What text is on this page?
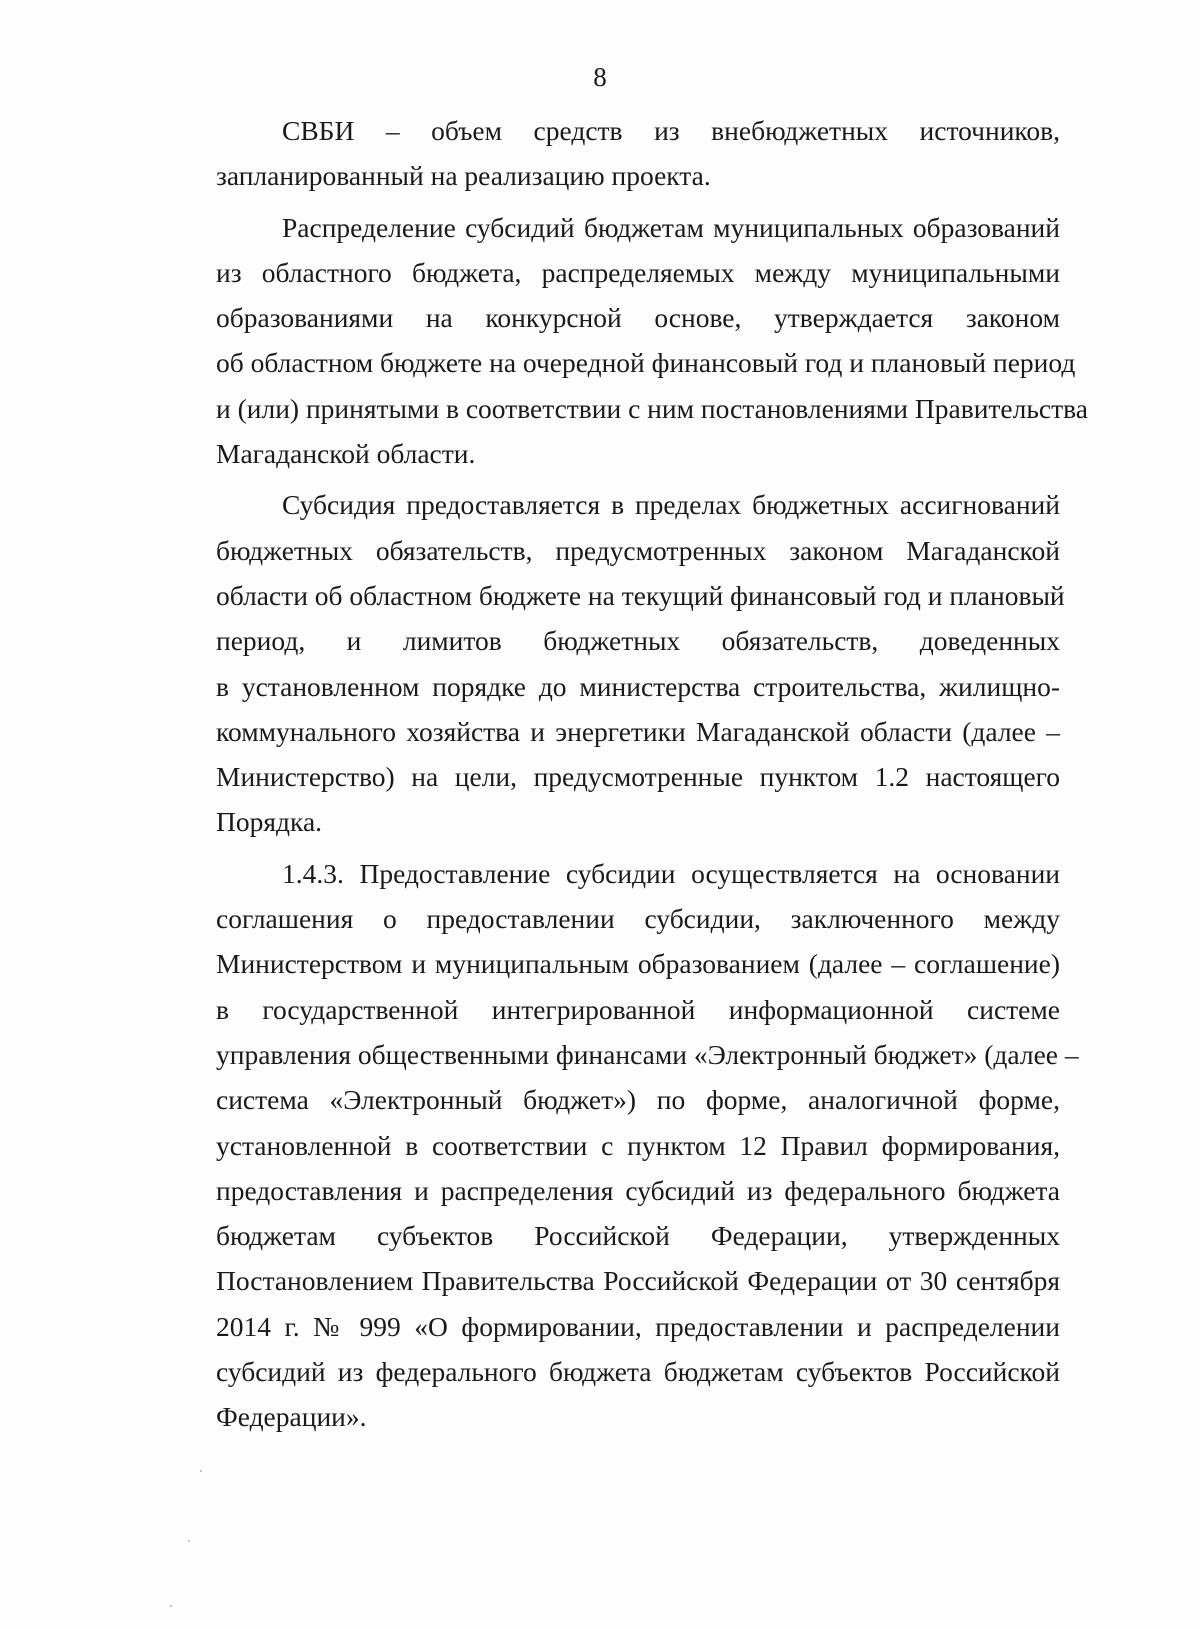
8
СВБИ – объем средств из внебюджетных источников,
запланированный на реализацию проекта.
Распределение субсидий бюджетам муниципальных образований
из областного бюджета, распределяемых между муниципальными
образованиями на конкурсной основе, утверждается законом
об областном бюджете на очередной финансовый год и плановый период
и (или) принятыми в соответствии с ним постановлениями Правительства
Магаданской области.
Субсидия предоставляется в пределах бюджетных ассигнований
бюджетных обязательств, предусмотренных законом Магаданской
области об областном бюджете на текущий финансовый год и плановый
период, и лимитов бюджетных обязательств, доведенных
в установленном порядке до министерства строительства, жилищно-
коммунального хозяйства и энергетики Магаданской области (далее –
Министерство) на цели, предусмотренные пунктом 1.2 настоящего
Порядка.
1.4.3. Предоставление субсидии осуществляется на основании
соглашения о предоставлении субсидии, заключенного между
Министерством и муниципальным образованием (далее – соглашение)
в государственной интегрированной информационной системе
управления общественными финансами «Электронный бюджет» (далее –
система «Электронный бюджет») по форме, аналогичной форме,
установленной в соответствии с пунктом 12 Правил формирования,
предоставления и распределения субсидий из федерального бюджета
бюджетам субъектов Российской Федерации, утвержденных
Постановлением Правительства Российской Федерации от 30 сентября
2014 г. № 999 «О формировании, предоставлении и распределении
субсидий из федерального бюджета бюджетам субъектов Российской
Федерации».
